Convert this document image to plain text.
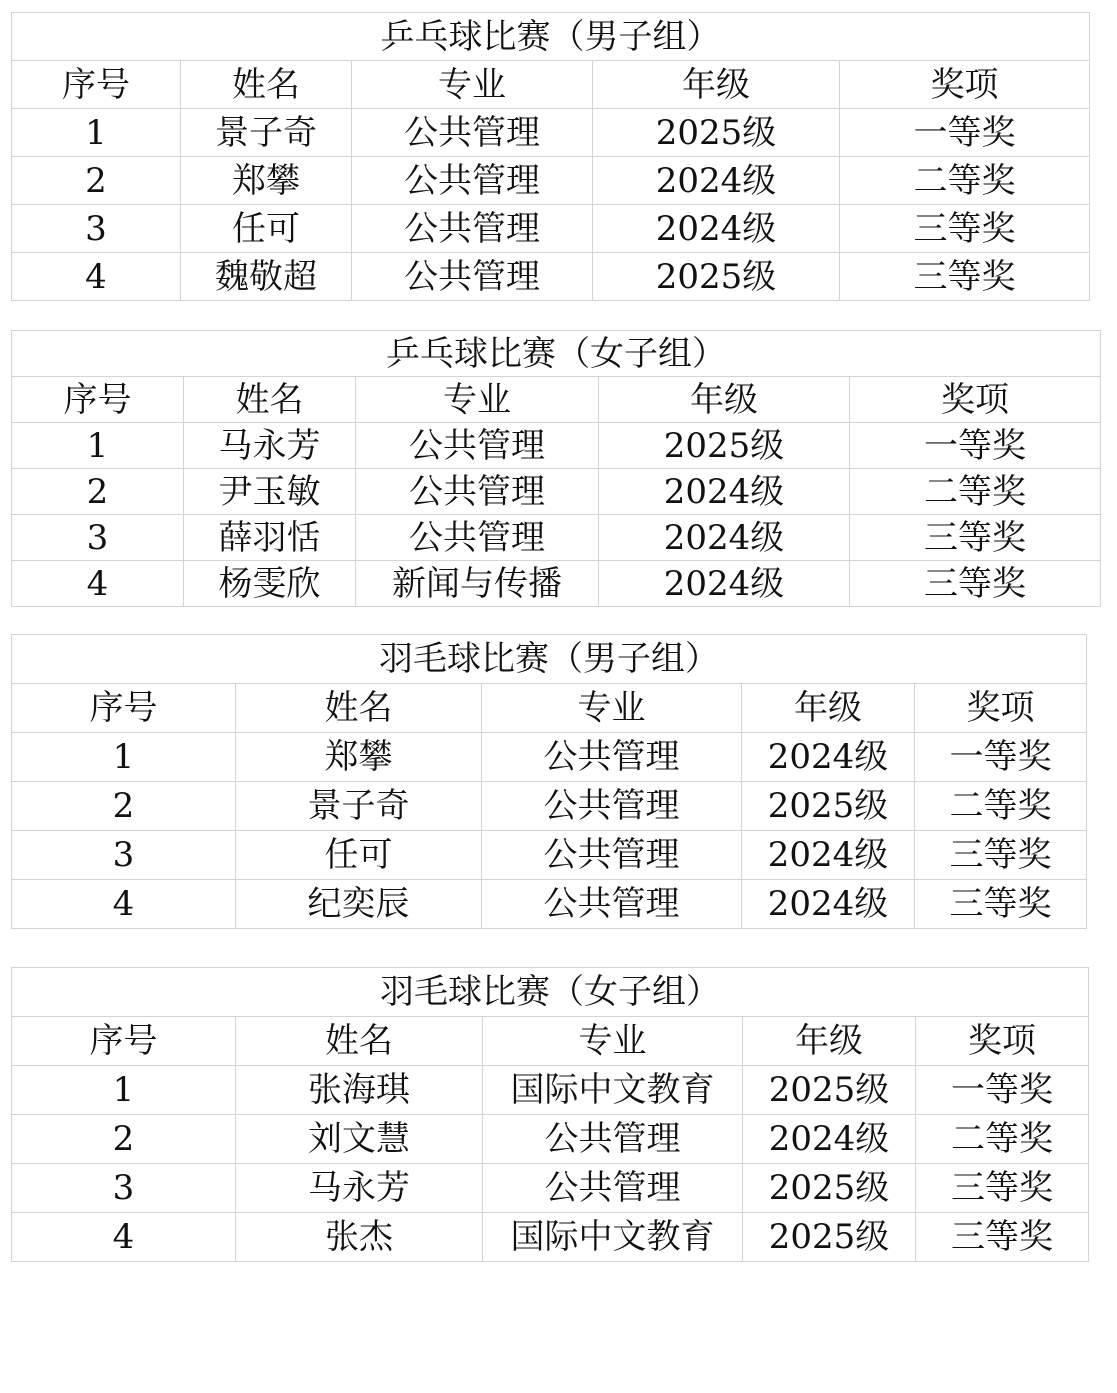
乒乓球比赛（男子组）				
序号	姓名	专业	年级	奖项
1	景子奇	公共管理	2025级	一等奖
2	郑攀	公共管理	2024级	二等奖
3	任可	公共管理	2024级	三等奖
4	魏敬超	公共管理	2025级	三等奖
乒乓球比赛（女子组）				
序号	姓名	专业	年级	奖项
1	马永芳	公共管理	2025级	一等奖
2	尹玉敏	公共管理	2024级	二等奖
3	薛羽恬	公共管理	2024级	三等奖
4	杨雯欣	新闻与传播	2024级	三等奖
羽毛球比赛（男子组）				
序号	姓名	专业	年级	奖项
1	郑攀	公共管理	2024级	一等奖
2	景子奇	公共管理	2025级	二等奖
3	任可	公共管理	2024级	三等奖
4	纪奕辰	公共管理	2024级	三等奖
羽毛球比赛（女子组）				
序号	姓名	专业	年级	奖项
1	张海琪	国际中文教育	2025级	一等奖
2	刘文慧	公共管理	2024级	二等奖
3	马永芳	公共管理	2025级	三等奖
4	张杰	国际中文教育	2025级	三等奖
